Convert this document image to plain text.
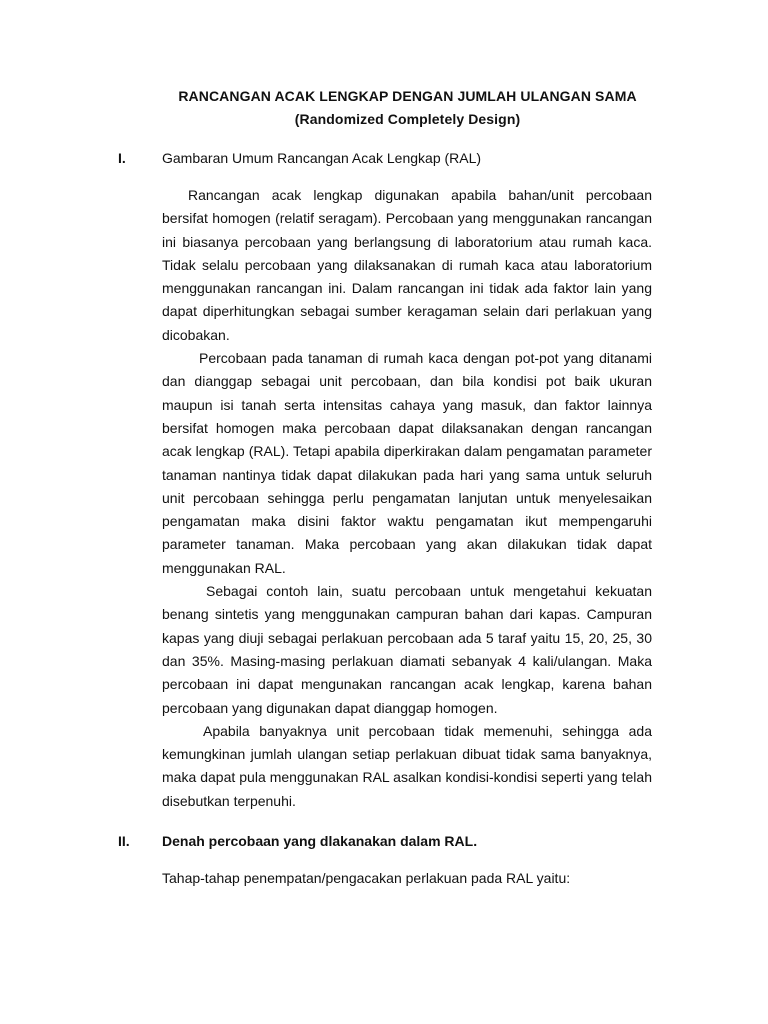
RANCANGAN ACAK LENGKAP DENGAN JUMLAH ULANGAN SAMA
(Randomized Completely Design)
I.	Gambaran Umum Rancangan Acak Lengkap (RAL)

Rancangan acak lengkap digunakan apabila bahan/unit percobaan bersifat homogen (relatif seragam). Percobaan yang menggunakan rancangan ini biasanya percobaan yang berlangsung di laboratorium atau rumah kaca. Tidak selalu percobaan yang dilaksanakan di rumah kaca atau laboratorium menggunakan rancangan ini. Dalam rancangan ini tidak ada faktor lain yang dapat diperhitungkan sebagai sumber keragaman selain dari perlakuan yang dicobakan.

Percobaan pada tanaman di rumah kaca dengan pot-pot yang ditanami dan dianggap sebagai unit percobaan, dan bila kondisi pot baik ukuran maupun isi tanah serta intensitas cahaya yang masuk, dan faktor lainnya bersifat homogen maka percobaan dapat dilaksanakan dengan rancangan acak lengkap (RAL). Tetapi apabila diperkirakan dalam pengamatan parameter tanaman nantinya tidak dapat dilakukan pada hari yang sama untuk seluruh unit percobaan sehingga perlu pengamatan lanjutan untuk menyelesaikan pengamatan maka disini faktor waktu pengamatan ikut mempengaruhi parameter tanaman. Maka percobaan yang akan dilakukan tidak dapat menggunakan RAL.

Sebagai contoh lain, suatu percobaan untuk mengetahui kekuatan benang sintetis yang menggunakan campuran bahan dari kapas. Campuran kapas yang diuji sebagai perlakuan percobaan ada 5 taraf yaitu 15, 20, 25, 30 dan 35%. Masing-masing perlakuan diamati sebanyak 4 kali/ulangan. Maka percobaan ini dapat mengunakan rancangan acak lengkap, karena bahan percobaan yang digunakan dapat dianggap homogen.

Apabila banyaknya unit percobaan tidak memenuhi, sehingga ada kemungkinan jumlah ulangan setiap perlakuan dibuat tidak sama banyaknya, maka dapat pula menggunakan RAL asalkan kondisi-kondisi seperti yang telah disebutkan terpenuhi.

II. Denah percobaan yang dlakanakan dalam RAL.
Tahap-tahap penempatan/pengacakan perlakuan pada RAL yaitu:
